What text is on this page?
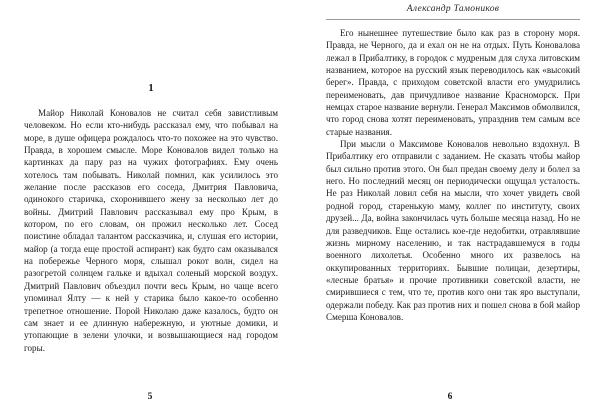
1

Майор Николай Коновалов не считал себя завистливым человеком. Но если кто-нибудь рассказал ему, что побывал на море, в душе офицера рождалось что-то похожее на это чувство. Правда, в хорошем смысле. Море Коновалов видел только на картинках да пару раз на чужих фотографиях. Ему очень хотелось там побывать. Николай помнил, как усилилось это желание после рассказов его соседа, Дмитрия Павловича, одинокого старичка, схоронившего жену за несколько лет до войны. Дмитрий Павлович рассказывал ему про Крым, в котором, по его словам, он прожил несколько лет. Сосед поистине обладал талантом рассказчика, и, слушая его истории, майор (а тогда еще простой аспирант) как будто сам оказывался на побережье Черного моря, слышал рокот волн, сидел на разогретой солнцем гальке и вдыхал соленый морской воздух. Дмитрий Павлович объездил почти весь Крым, но чаще всего упоминал Ялту — к ней у старика было какое-то особенно трепетное отношение. Порой Николаю даже казалось, будто он сам знает и ее длинную набережную, и уютные домики, и утопающие в зелени улочки, и возвышающиеся над городом горы.

5
Александр Тамоников

Его нынешнее путешествие было как раз в сторону моря. Правда, не Черного, да и ехал он не на отдых. Путь Коновалова лежал в Прибалтику, в городок с мудреным для слуха литовским названием, которое на русский язык переводилось как «высокий берег». Правда, с приходом советской власти его умудрились переименовать, дав причудливое название Красноморск. При немцах старое название вернули. Генерал Максимов обмолвился, что город снова хотят переименовать, упразднив тем самым все старые названия.

При мысли о Максимове Коновалов невольно вздохнул. В Прибалтику его отправили с заданием. Не сказать чтобы майор был сильно против этого. Он был предан своему делу и болел за него. Но последний месяц он периодически ощущал усталость. Не раз Николай ловил себя на мысли, что хочет увидеть свой родной город, старенькую маму, коллег по институту, своих друзей... Да, война закончилась чуть больше месяца назад. Но не для разведчиков. Еще остались кое-где недобитки, отравлявшие жизнь мирному населению, и так настрадавшемуся в годы военного лихолетья. Особенно много их развелось на оккупированных территориях. Бывшие полицаи, дезертиры, «лесные братья» и прочие противники советской власти, не смирившиеся с тем, что те, против кого они так яро выступали, одержали победу. Как раз против них и пошел снова в бой майор Смерша Коновалов.

6
